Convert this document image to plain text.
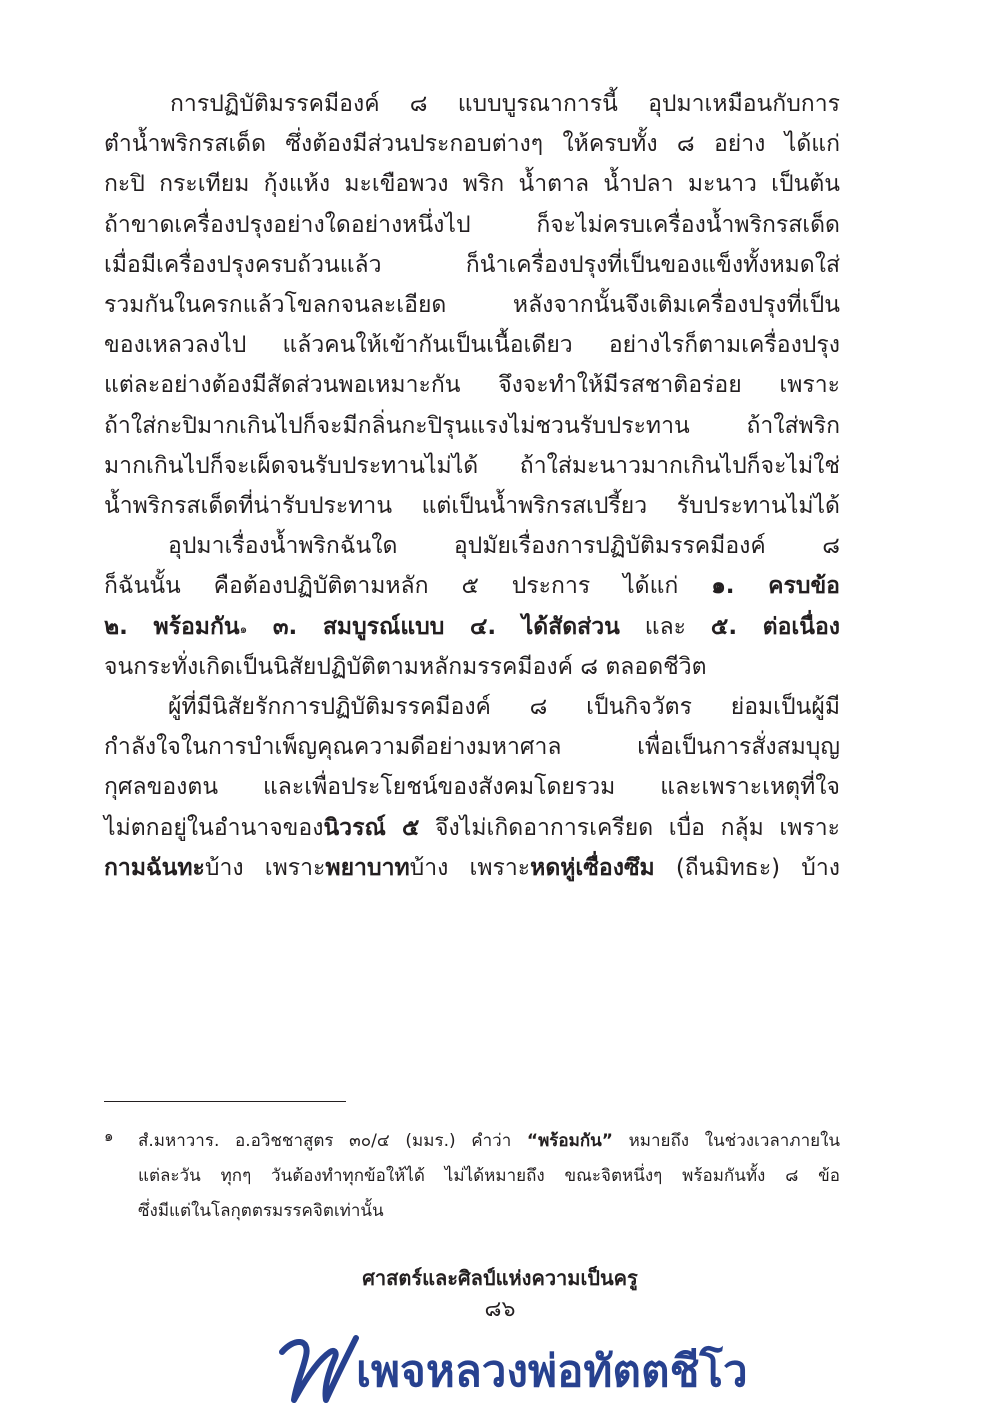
การปฏิบัติมรรคมีองค์ ๘ แบบบูรณาการนี้ อุปมาเหมือนกับการ

ตำน้ำพริกรสเด็ด ซึ่งต้องมีส่วนประกอบต่างๆ ให้ครบทั้ง ๘ อย่าง ได้แก่

กะปิ กระเทียม กุ้งแห้ง มะเขือพวง พริก น้ำตาล น้ำปลา มะนาว เป็นต้น

ถ้าขาดเครื่องปรุงอย่างใดอย่างหนึ่งไป ก็จะไม่ครบเครื่องน้ำพริกรสเด็ด

เมื่อมีเครื่องปรุงครบถ้วนแล้ว ก็นำเครื่องปรุงที่เป็นของแข็งทั้งหมดใส่

รวมกันในครกแล้วโขลกจนละเอียด หลังจากนั้นจึงเติมเครื่องปรุงที่เป็น

ของเหลวลงไป แล้วคนให้เข้ากันเป็นเนื้อเดียว อย่างไรก็ตามเครื่องปรุง

แต่ละอย่างต้องมีสัดส่วนพอเหมาะกัน จึงจะทำให้มีรสชาติอร่อย เพราะ

ถ้าใส่กะปิมากเกินไปก็จะมีกลิ่นกะปิรุนแรงไม่ชวนรับประทาน ถ้าใส่พริก

มากเกินไปก็จะเผ็ดจนรับประทานไม่ได้ ถ้าใส่มะนาวมากเกินไปก็จะไม่ใช่

น้ำพริกรสเด็ดที่น่ารับประทาน แต่เป็นน้ำพริกรสเปรี้ยว รับประทานไม่ได้

อุปมาเรื่องน้ำพริกฉันใด อุปมัยเรื่องการปฏิบัติมรรคมีองค์ ๘

ก็ฉันนั้น คือต้องปฏิบัติตามหลัก ๕ ประการ ได้แก่ ๑. ครบข้อ

๒. พร้อมกัน$^๑$ ๓. สมบูรณ์แบบ ๔. ได้สัดส่วน และ ๕. ต่อเนื่อง

จนกระทั่งเกิดเป็นนิสัยปฏิบัติตามหลักมรรคมีองค์ ๘ ตลอดชีวิต

ผู้ที่มีนิสัยรักการปฏิบัติมรรคมีองค์ ๘ เป็นกิจวัตร ย่อมเป็นผู้มี

กำลังใจในการบำเพ็ญคุณความดีอย่างมหาศาล เพื่อเป็นการสั่งสมบุญ

กุศลของตน และเพื่อประโยชน์ของสังคมโดยรวม และเพราะเหตุที่ใจ

ไม่ตกอยู่ในอำนาจของนิวรณ์ ๕ จึงไม่เกิดอาการเครียด เบื่อ กลุ้ม เพราะ

กามฉันทะบ้าง เพราะพยาบาทบ้าง เพราะหดหู่เซื่องซึม (ถีนมิทธะ) บ้าง

๑ สํ.มหาวาร. อ.อวิชชาสูตร ๓๐/๔ (มมร.) คำว่า “พร้อมกัน” หมายถึง ในช่วงเวลาภายใน
แต่ละวัน ทุกๆ วันต้องทำทุกข้อให้ได้ ไม่ได้หมายถึง ขณะจิตหนึ่งๆ พร้อมกันทั้ง ๘ ข้อ
ซึ่งมีแต่ในโลกุตตรมรรคจิตเท่านั้น
ศาสตร์และศิลป์แห่งความเป็นครู
๘๖
เพจหลวงพ่อทัตตชีโว
